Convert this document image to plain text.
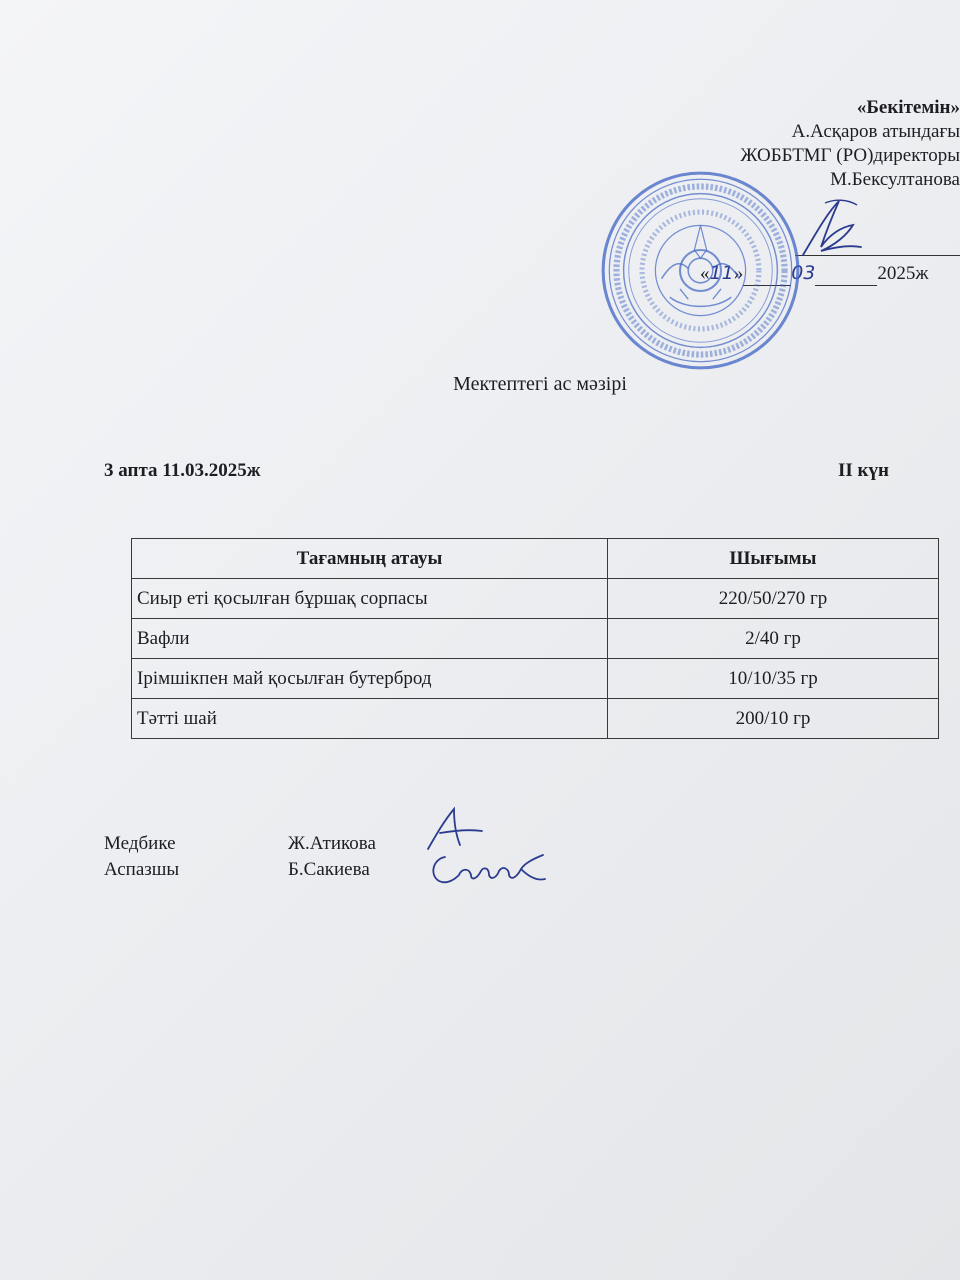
«Бекітемін»
А.Асқаров атындағы
ЖОББТМГ (РО)директоры
М.Бексултанова
«11»	03	2025ж
Мектептегі ас мәзірі
3 апта 11.03.2025ж	II күн
Тағамның атауы	Шығымы
Сиыр еті қосылған бұршақ сорпасы	220/50/270 гр
Вафли	2/40 гр
Ірімшікпен май қосылған бутерброд	10/10/35 гр
Тәтті шай	200/10 гр
Медбике	Ж.Атикова
Аспазшы	Б.Сакиева
